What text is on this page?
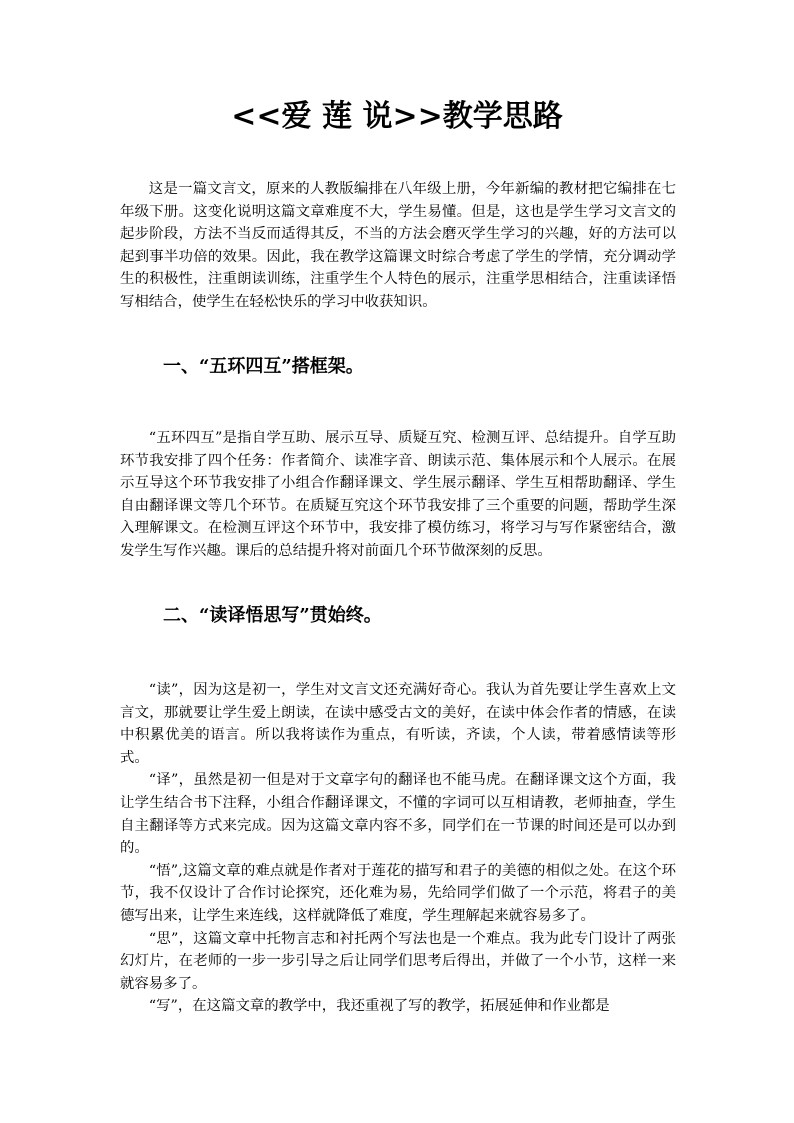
<<爱 莲 说>>教学思路

这是一篇文言文，原来的人教版编排在八年级上册，今年新编的教材把它编排在七年级下册。这变化说明这篇文章难度不大，学生易懂。但是，这也是学生学习文言文的起步阶段，方法不当反而适得其反，不当的方法会磨灭学生学习的兴趣，好的方法可以起到事半功倍的效果。因此，我在教学这篇课文时综合考虑了学生的学情，充分调动学生的积极性，注重朗读训练，注重学生个人特色的展示，注重学思相结合，注重读译悟写相结合，使学生在轻松快乐的学习中收获知识。

一、“五环四互”搭框架。

“五环四互”是指自学互助、展示互导、质疑互究、检测互评、总结提升。自学互助环节我安排了四个任务：作者简介、读准字音、朗读示范、集体展示和个人展示。在展示互导这个环节我安排了小组合作翻译课文、学生展示翻译、学生互相帮助翻译、学生自由翻译课文等几个环节。在质疑互究这个环节我安排了三个重要的问题，帮助学生深入理解课文。在检测互评这个环节中，我安排了模仿练习，将学习与写作紧密结合，激发学生写作兴趣。课后的总结提升将对前面几个环节做深刻的反思。

二、“读译悟思写”贯始终。

“读”，因为这是初一，学生对文言文还充满好奇心。我认为首先要让学生喜欢上文言文，那就要让学生爱上朗读，在读中感受古文的美好，在读中体会作者的情感，在读中积累优美的语言。所以我将读作为重点，有听读，齐读，个人读，带着感情读等形式。

“译”，虽然是初一但是对于文章字句的翻译也不能马虎。在翻译课文这个方面，我让学生结合书下注释，小组合作翻译课文，不懂的字词可以互相请教，老师抽查，学生自主翻译等方式来完成。因为这篇文章内容不多，同学们在一节课的时间还是可以办到的。

“悟”,这篇文章的难点就是作者对于莲花的描写和君子的美德的相似之处。在这个环节，我不仅设计了合作讨论探究，还化难为易，先给同学们做了一个示范，将君子的美德写出来，让学生来连线，这样就降低了难度，学生理解起来就容易多了。

“思”，这篇文章中托物言志和衬托两个写法也是一个难点。我为此专门设计了两张幻灯片，在老师的一步一步引导之后让同学们思考后得出，并做了一个小节，这样一来就容易多了。

“写”，在这篇文章的教学中，我还重视了写的教学，拓展延伸和作业都是
